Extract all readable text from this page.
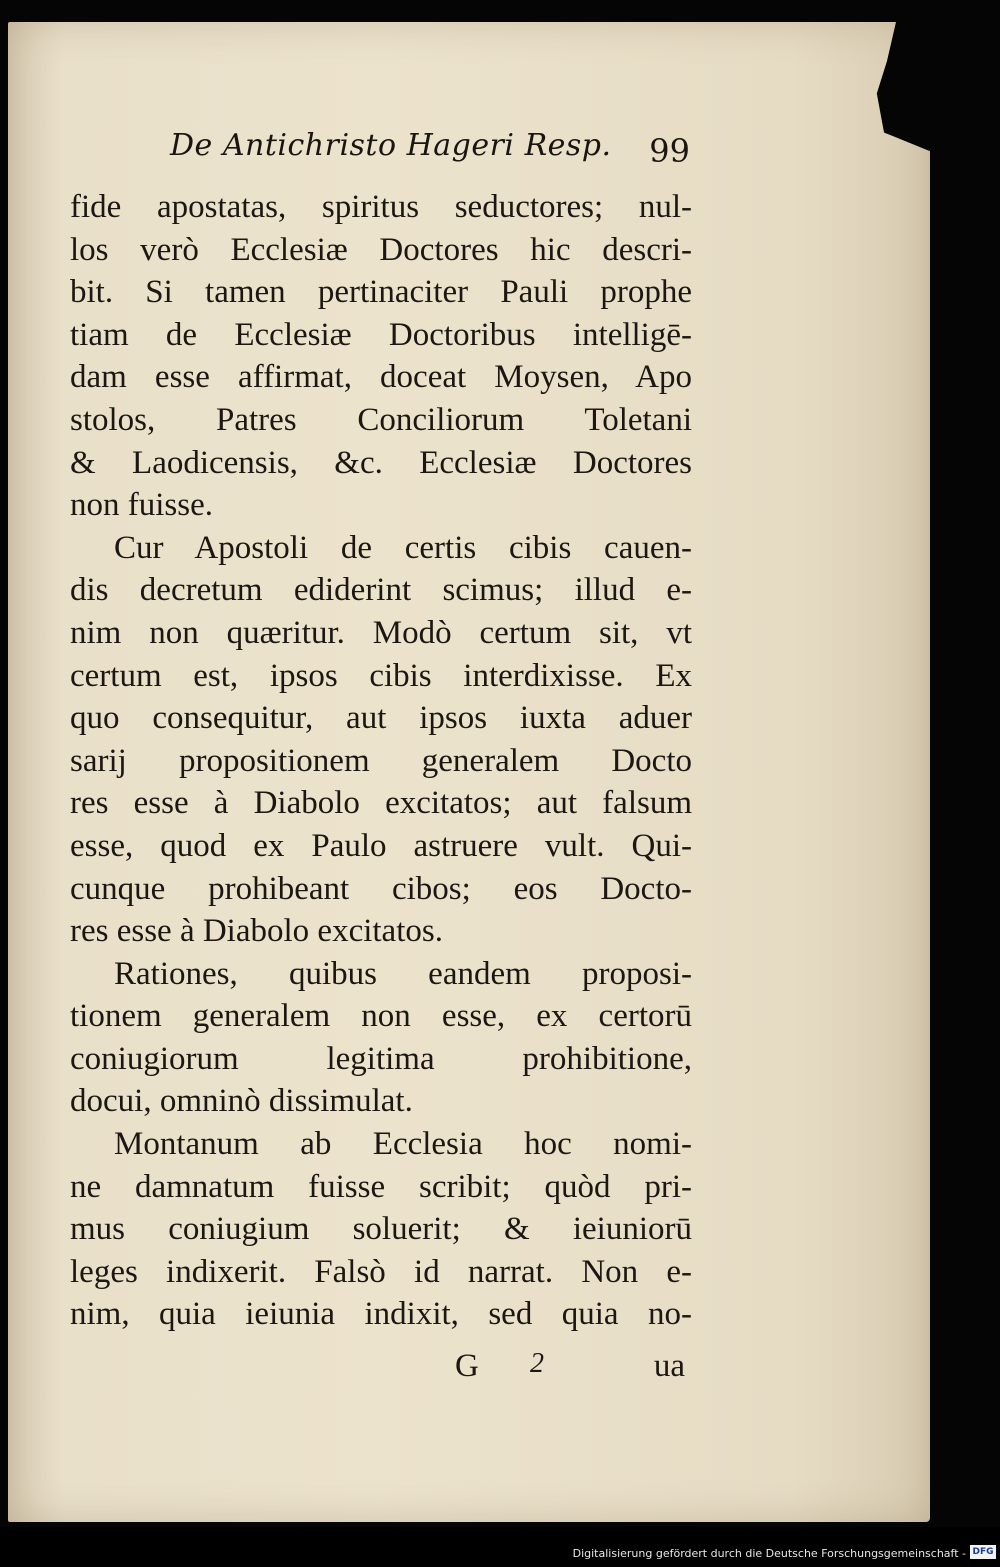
De Antichristo Hageri Resp. 99
fide apostatas, spiritus seductores; nul-
los verò Ecclesiæ Doctores hic descri-
bit. Si tamen pertinaciter Pauli prophe
tiam de Ecclesiæ Doctoribus intelligē-
dam esse affirmat, doceat Moysen, Apo
stolos, Patres Conciliorum Toletani
& Laodicensis, &c. Ecclesiæ Doctores
non fuisse.
Cur Apostoli de certis cibis cauen-
dis decretum ediderint scimus; illud e-
nim non quæritur. Modò certum sit, vt
certum est, ipsos cibis interdixisse. Ex
quo consequitur, aut ipsos iuxta aduer
sarij propositionem generalem Docto
res esse à Diabolo excitatos; aut falsum
esse, quod ex Paulo astruere vult. Qui-
cunque prohibeant cibos; eos Docto-
res esse à Diabolo excitatos.
Rationes, quibus eandem proposi-
tionem generalem non esse, ex certorū
coniugiorum legitima prohibitione,
docui, omninò dissimulat.
Montanum ab Ecclesia hoc nomi-
ne damnatum fuisse scribit; quòd pri-
mus coniugium soluerit; & ieiuniorū
leges indixerit. Falsò id narrat. Non e-
nim, quia ieiunia indixit, sed quia no-
G 2	ua
Digitalisierung gefördert durch die Deutsche Forschungsgemeinschaft - DFG
